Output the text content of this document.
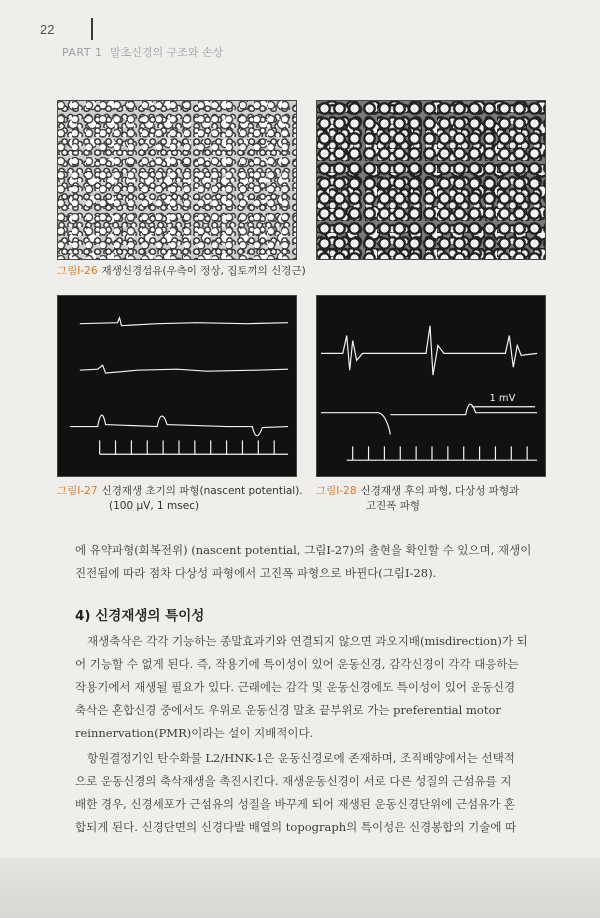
22
PART 1 말초신경의 구조와 손상
그림I-26 재생신경섬유(우측이 정상, 집토끼의 신경근)
1 mV
그림I-27 신경재생 초기의 파형(nascent potential).
(100 μV, 1 msec)
그림I-28 신경재생 후의 파형, 다상성 파형과
고진폭 파형
에 유약파형(회복전위) (nascent potential, 그림I-27)의 출현을 확인할 수 있으며, 재생이
진전됨에 따라 점차 다상성 파형에서 고진폭 파형으로 바뀐다(그림I-28).
4) 신경재생의 특이성
재생축삭은 각각 기능하는 종말효과기와 연결되지 않으면 과오지배(misdirection)가 되
어 기능할 수 없게 된다. 즉, 작용기에 특이성이 있어 운동신경, 감각신경이 각각 대응하는
작용기에서 재생될 필요가 있다. 근래에는 감각 및 운동신경에도 특이성이 있어 운동신경
축삭은 혼합신경 중에서도 우위로 운동신경 말초 끝부위로 가는 preferential motor
reinnervation(PMR)이라는 설이 지배적이다.
항원결정기인 탄수화물 L2/HNK-1은 운동신경로에 존재하며, 조직배양에서는 선택적
으로 운동신경의 축삭재생을 촉진시킨다. 재생운동신경이 서로 다른 성질의 근섬유를 지
배한 경우, 신경세포가 근섬유의 성질을 바꾸게 되어 재생된 운동신경단위에 근섬유가 혼
합되게 된다. 신경단면의 신경다발 배열의 topograph의 특이성은 신경봉합의 기술에 따
